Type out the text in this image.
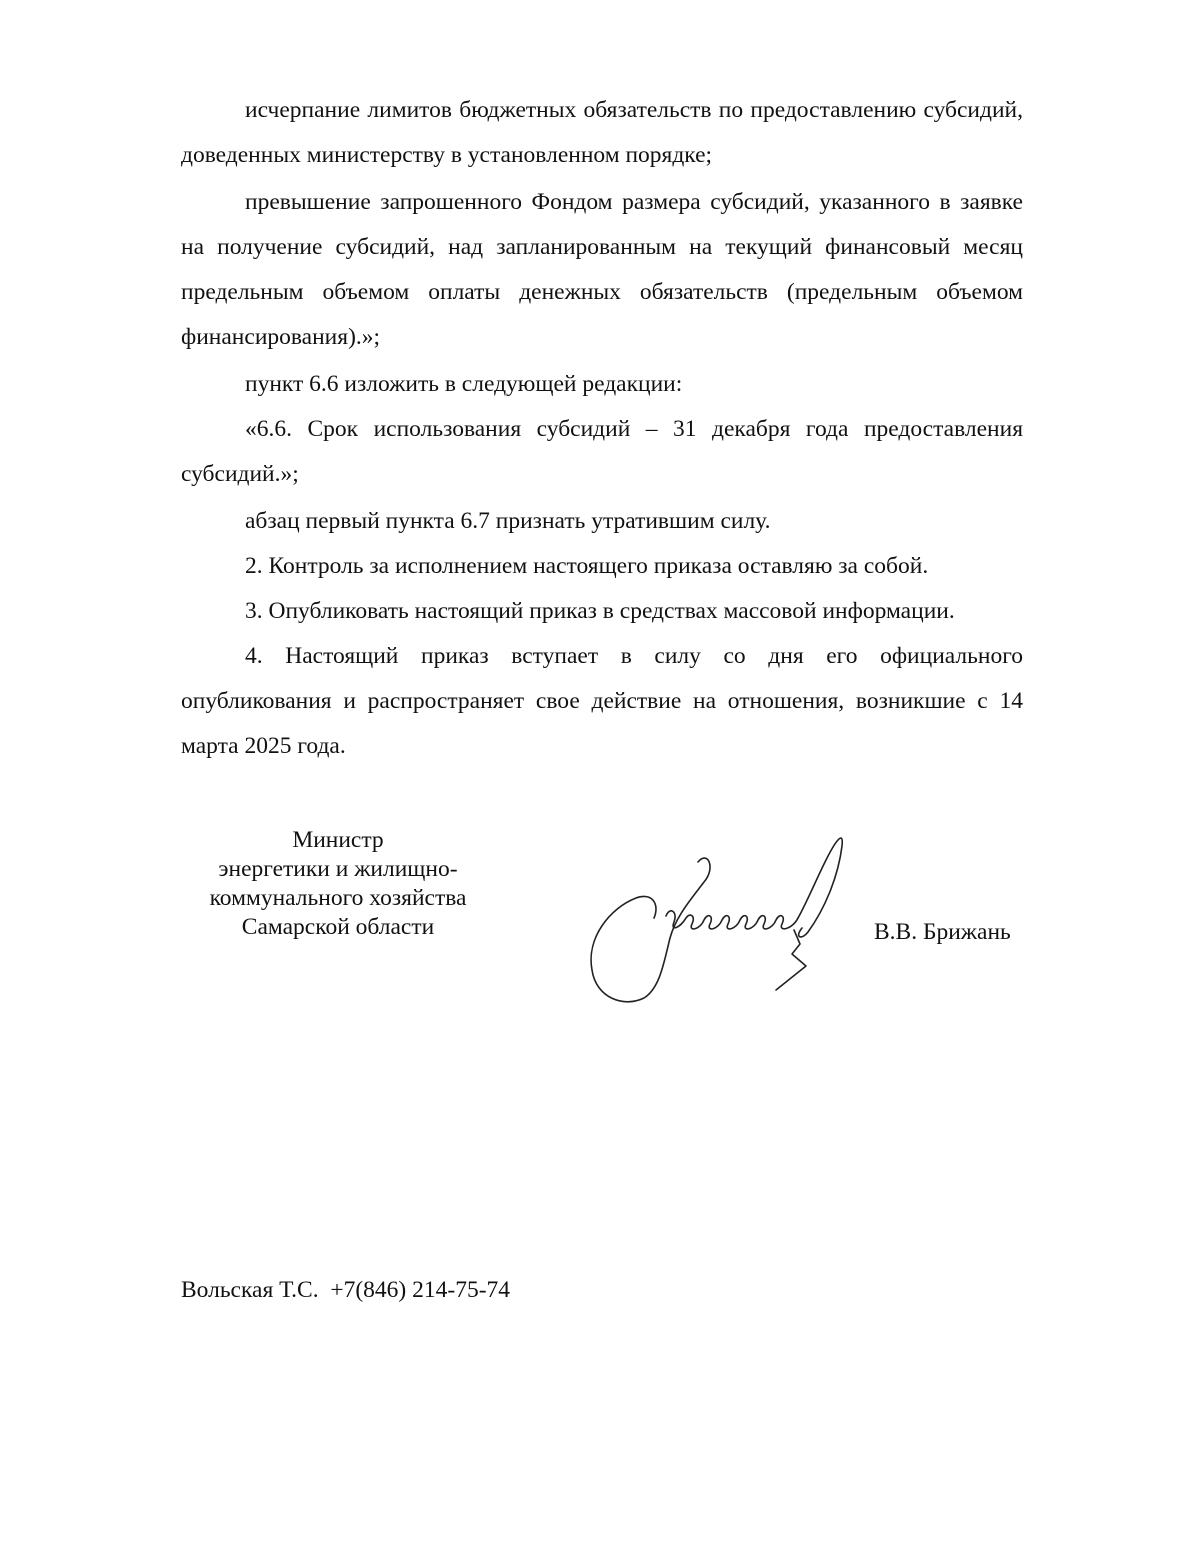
исчерпание лимитов бюджетных обязательств по предоставлению субсидий, доведенных министерству в установленном порядке;

превышение запрошенного Фондом размера субсидий, указанного в заявке на получение субсидий, над запланированным на текущий финансовый месяц предельным объемом оплаты денежных обязательств (предельным объемом финансирования).»;

пункт 6.6 изложить в следующей редакции:

«6.6. Срок использования субсидий – 31 декабря года предоставления субсидий.»;

абзац первый пункта 6.7 признать утратившим силу.

2. Контроль за исполнением настоящего приказа оставляю за собой.

3. Опубликовать настоящий приказ в средствах массовой информации.

4. Настоящий приказ вступает в силу со дня его официального опубликования и распространяет свое действие на отношения, возникшие с 14 марта 2025 года.

Министр
энергетики и жилищно-
коммунального хозяйства
Самарской области	В.В. Брижань
Вольская Т.С. +7(846) 214-75-74
